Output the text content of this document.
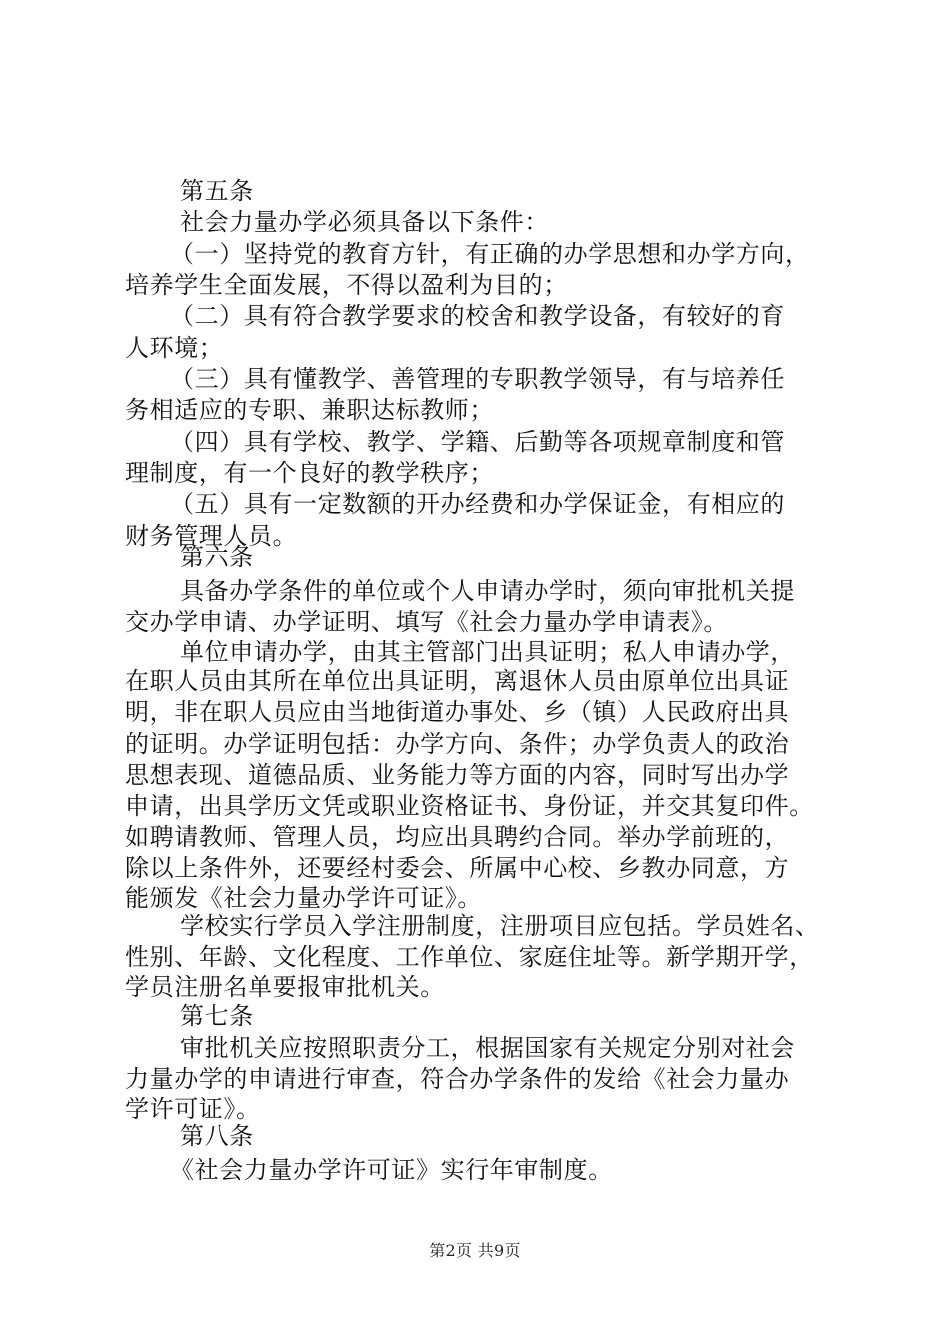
第五条
社会力量办学必须具备以下条件：
（一）坚持党的教育方针，有正确的办学思想和办学方向，
培养学生全面发展，不得以盈利为目的；
（二）具有符合教学要求的校舍和教学设备，有较好的育
人环境；
（三）具有懂教学、善管理的专职教学领导，有与培养任
务相适应的专职、兼职达标教师；
（四）具有学校、教学、学籍、后勤等各项规章制度和管
理制度，有一个良好的教学秩序；
（五）具有一定数额的开办经费和办学保证金，有相应的
财务管理人员。
第六条
具备办学条件的单位或个人申请办学时，须向审批机关提
交办学申请、办学证明、填写《社会力量办学申请表》。
单位申请办学，由其主管部门出具证明；私人申请办学，
在职人员由其所在单位出具证明，离退休人员由原单位出具证
明，非在职人员应由当地街道办事处、乡（镇）人民政府出具
的证明。办学证明包括：办学方向、条件；办学负责人的政治
思想表现、道德品质、业务能力等方面的内容，同时写出办学
申请，出具学历文凭或职业资格证书、身份证，并交其复印件。
如聘请教师、管理人员，均应出具聘约合同。举办学前班的，
除以上条件外，还要经村委会、所属中心校、乡教办同意，方
能颁发《社会力量办学许可证》。
学校实行学员入学注册制度，注册项目应包括。学员姓名、
性别、年龄、文化程度、工作单位、家庭住址等。新学期开学，
学员注册名单要报审批机关。
第七条
审批机关应按照职责分工，根据国家有关规定分别对社会
力量办学的申请进行审查，符合办学条件的发给《社会力量办
学许可证》。
第八条
《社会力量办学许可证》实行年审制度。
第2页 共9页
